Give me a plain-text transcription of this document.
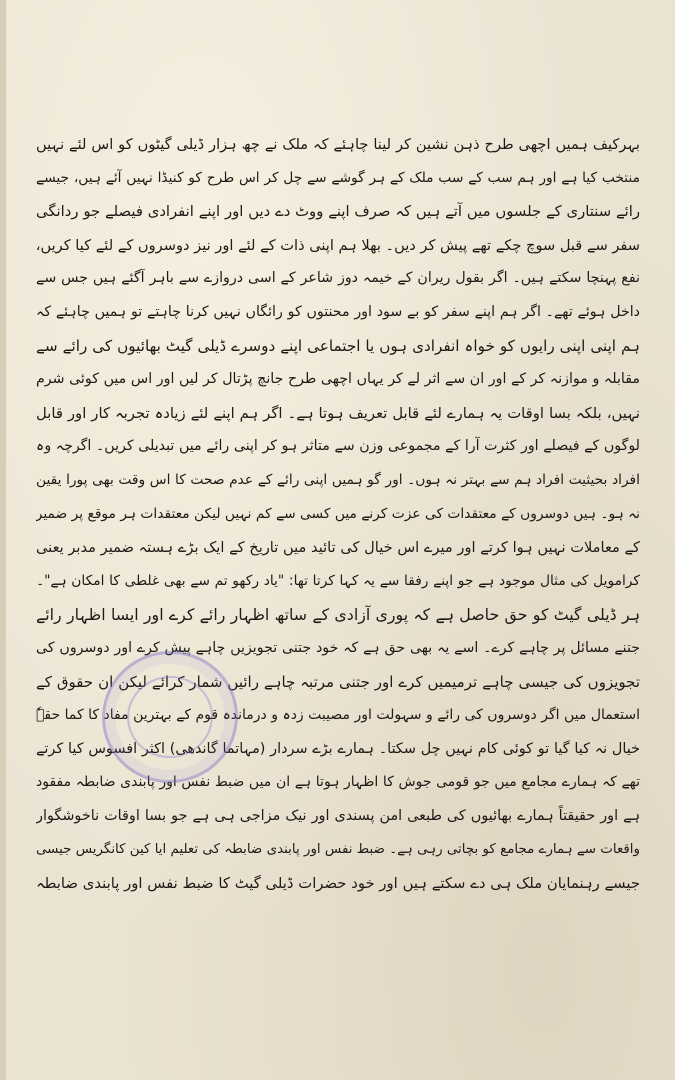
بہرکیف ہمیں اچھی طرح ذہن نشین کر لینا چاہئے کہ ملک نے چھ ہزار ڈیلی گیٹوں کو اس لئے نہیں
منتخب کیا ہے اور ہم سب کے سب ملک کے ہر گوشے سے چل کر اس طرح کو کنیڈا نہیں آئے ہیں، جیسے
رائے سنتاری کے جلسوں میں آتے ہیں کہ صرف اپنے ووٹ دے دیں اور اپنے انفرادی فیصلے جو ردانگی
سفر سے قبل سوچ چکے تھے پیش کر دیں۔ بھلا ہم اپنی ذات کے لئے اور نیز دوسروں کے لئے کیا کریں،
نفع پہنچا سکتے ہیں۔ اگر بقول ریران کے خیمہ دوز شاعر کے اسی دروازے سے باہر آگئے ہیں جس سے
داخل ہوئے تھے۔ اگر ہم اپنے سفر کو بے سود اور محنتوں کو رائگاں نہیں کرنا چاہتے تو ہمیں چاہئے کہ
ہم اپنی اپنی رایوں کو خواہ انفرادی ہوں یا اجتماعی اپنے دوسرے ڈیلی گیٹ بھائیوں کی رائے سے
مقابلہ و موازنہ کر کے اور ان سے اثر لے کر یہاں اچھی طرح جانچ پڑتال کر لیں اور اس میں کوئی شرم
نہیں، بلکہ بسا اوقات یہ ہمارے لئے قابل تعریف ہوتا ہے۔ اگر ہم اپنے لئے زیادہ تجربہ کار اور قابل
لوگوں کے فیصلے اور کثرت آرا کے مجموعی وزن سے متاثر ہو کر اپنی رائے میں تبدیلی کریں۔ اگرچہ وہ
افراد بحیثیت افراد ہم سے بہتر نہ ہوں۔ اور گو ہمیں اپنی رائے کے عدم صحت کا اس وقت بھی پورا یقین
نہ ہو۔ ہیں دوسروں کے معتقدات کی عزت کرنے میں کسی سے کم نہیں لیکن معتقدات ہر موقع پر ضمیر
کے معاملات نہیں ہوا کرتے اور میرے اس خیال کی تائید میں تاریخ کے ایک بڑے ہستہ ضمیر مدبر یعنی
کرامویل کی مثال موجود ہے جو اپنے رفقا سے یہ کہا کرتا تھا: "یاد رکھو تم سے بھی غلطی کا امکان ہے"۔
ہر ڈیلی گیٹ کو حق حاصل ہے کہ پوری آزادی کے ساتھ اظہار رائے کرے اور ایسا اظہار رائے
جتنے مسائل پر چاہے کرے۔ اسے یہ بھی حق ہے کہ خود جتنی تجویزیں چاہے پیش کرے اور دوسروں کی
تجویزوں کی جیسی چاہے ترمیمیں کرے اور جتنی مرتبہ چاہے رائیں شمار کرائے لیکن ان حقوق کے
استعمال میں اگر دوسروں کی رائے و سہولت اور مصیبت زدہ و درماندہ قوم کے بہترین مفاد کا کما حقہٗ
خیال نہ کیا گیا تو کوئی کام نہیں چل سکتا۔ ہمارے بڑے سردار (مہاتما گاندھی) اکثر افسوس کیا کرتے
تھے کہ ہمارے مجامع میں جو قومی جوش کا اظہار ہوتا ہے ان میں ضبط نفس اور پابندی ضابطہ مفقود
ہے اور حقیقتاً ہمارے بھائیوں کی طبعی امن پسندی اور نیک مزاجی ہی ہے جو بسا اوقات ناخوشگوار
واقعات سے ہمارے مجامع کو بچاتی رہی ہے۔ ضبط نفس اور پابندی ضابطہ کی تعلیم ایا کین کانگریس جیسی
جیسے رہنمایان ملک ہی دے سکتے ہیں اور خود حضرات ڈیلی گیٹ کا ضبط نفس اور پابندی ضابطہ
